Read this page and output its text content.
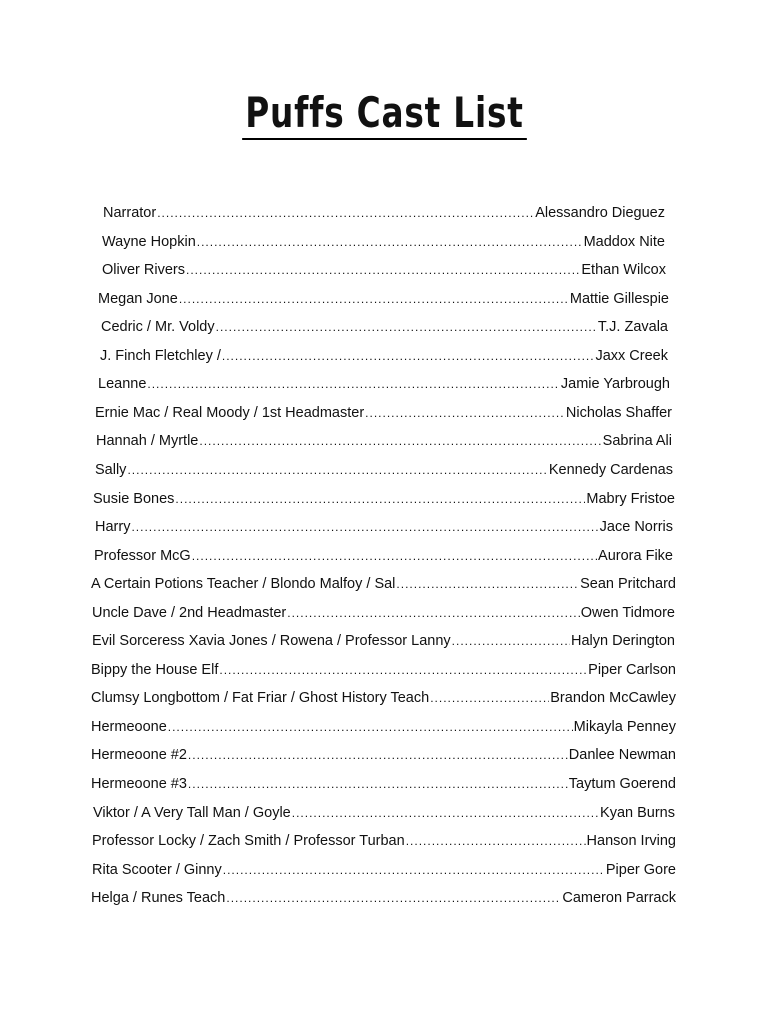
Puffs Cast List
Narrator .....	Alessandro Dieguez
Wayne Hopkin .....	Maddox Nite
Oliver Rivers .....	Ethan Wilcox
Megan Jone .....	Mattie Gillespie
Cedric / Mr. Voldy .....	T.J. Zavala
J. Finch Fletchley / .....	Jaxx Creek
Leanne .....	Jamie Yarbrough
Ernie Mac / Real Moody / 1st Headmaster .....	Nicholas Shaffer
Hannah / Myrtle .....	Sabrina Ali
Sally .....	Kennedy Cardenas
Susie Bones .....	Mabry Fristoe
Harry .....	Jace Norris
Professor McG .....	Aurora Fike
A Certain Potions Teacher / Blondo Malfoy / Sal .....	Sean Pritchard
Uncle Dave / 2nd Headmaster .....	Owen Tidmore
Evil Sorceress Xavia Jones / Rowena / Professor Lanny .....	Halyn Derington
Bippy the House Elf .....	Piper Carlson
Clumsy Longbottom / Fat Friar / Ghost History Teach .....	Brandon McCawley
Hermeoone .....	Mikayla Penney
Hermeoone #2 .....	Danlee Newman
Hermeoone #3 .....	Taytum Goerend
Viktor / A Very Tall Man / Goyle .....	Kyan Burns
Professor Locky / Zach Smith / Professor Turban .....	Hanson Irving
Rita Scooter / Ginny .....	Piper Gore
Helga / Runes Teach .....	Cameron Parrack
